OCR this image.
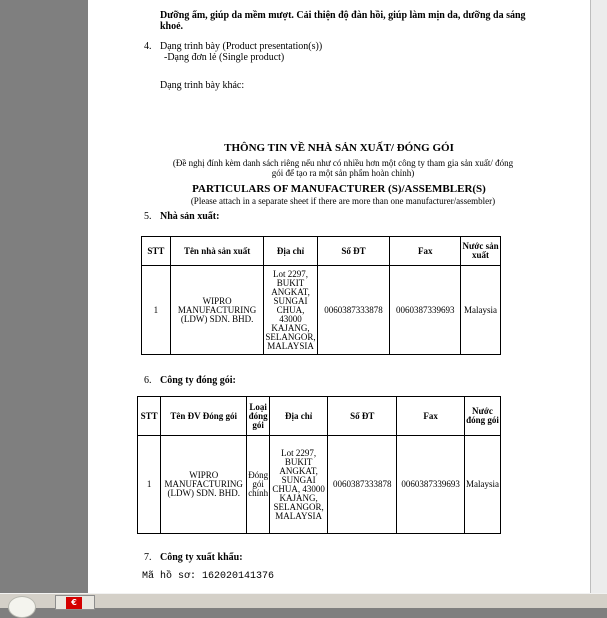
Dưỡng ẩm, giúp da mềm mượt. Cải thiện độ đàn hồi, giúp làm mịn da, dưỡng da sáng
khoẻ.
4. Dạng trình bày (Product presentation(s))
-Dạng đơn lẻ (Single product)
Dạng trình bày khác:
THÔNG TIN VỀ NHÀ SẢN XUẤT/ ĐÓNG GÓI
(Đề nghị đính kèm danh sách riêng nếu như có nhiều hơn một công ty tham gia sản xuất/ đóng
gói để tạo ra một sản phẩm hoàn chỉnh)
PARTICULARS OF MANUFACTURER (S)/ASSEMBLER(S)
(Please attach in a separate sheet if there are more than one manufacturer/assembler)
5. Nhà sản xuất:
STT	Tên nhà sản xuất	Địa chỉ	Số ĐT	Fax	Nước sản xuất
1	WIPRO MANUFACTURING (LDW) SDN. BHD.	Lot 2297, BUKIT ANGKAT, SUNGAI CHUA, 43000 KAJANG, SELANGOR, MALAYSIA	0060387333878	0060387339693	Malaysia
6. Công ty đóng gói:
STT	Tên ĐV Đóng gói	Loại đóng gói	Địa chỉ	Số ĐT	Fax	Nước đóng gói
1	WIPRO MANUFACTURING (LDW) SDN. BHD.	Đóng gói chính	Lot 2297, BUKIT ANGKAT, SUNGAI CHUA, 43000 KAJANG, SELANGOR, MALAYSIA	0060387333878	0060387339693	Malaysia
7. Công ty xuất khẩu:
Mã hồ sơ: 162020141376
€
